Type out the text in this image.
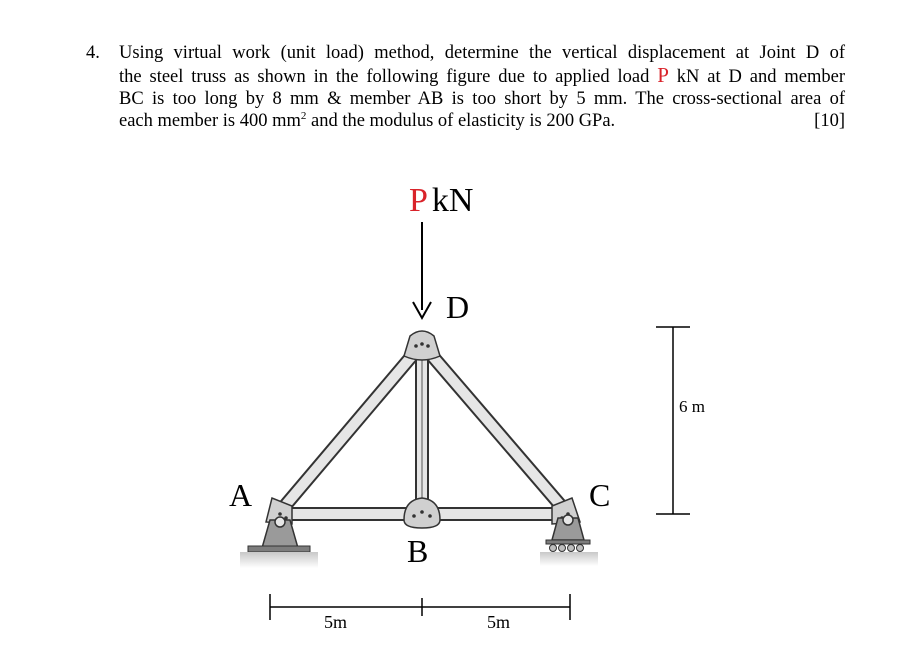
4. Using virtual work (unit load) method, determine the vertical displacement at Joint D of
the steel truss as shown in the following figure due to applied load P kN at D and member
BC is too long by 8 mm & member AB is too short by 5 mm. The cross-sectional area of
each member is 400 $mm^2$ and the modulus of elasticity is 200 GPa.	[10]
P kN
D
A
B
C
6 m
5m	5m
